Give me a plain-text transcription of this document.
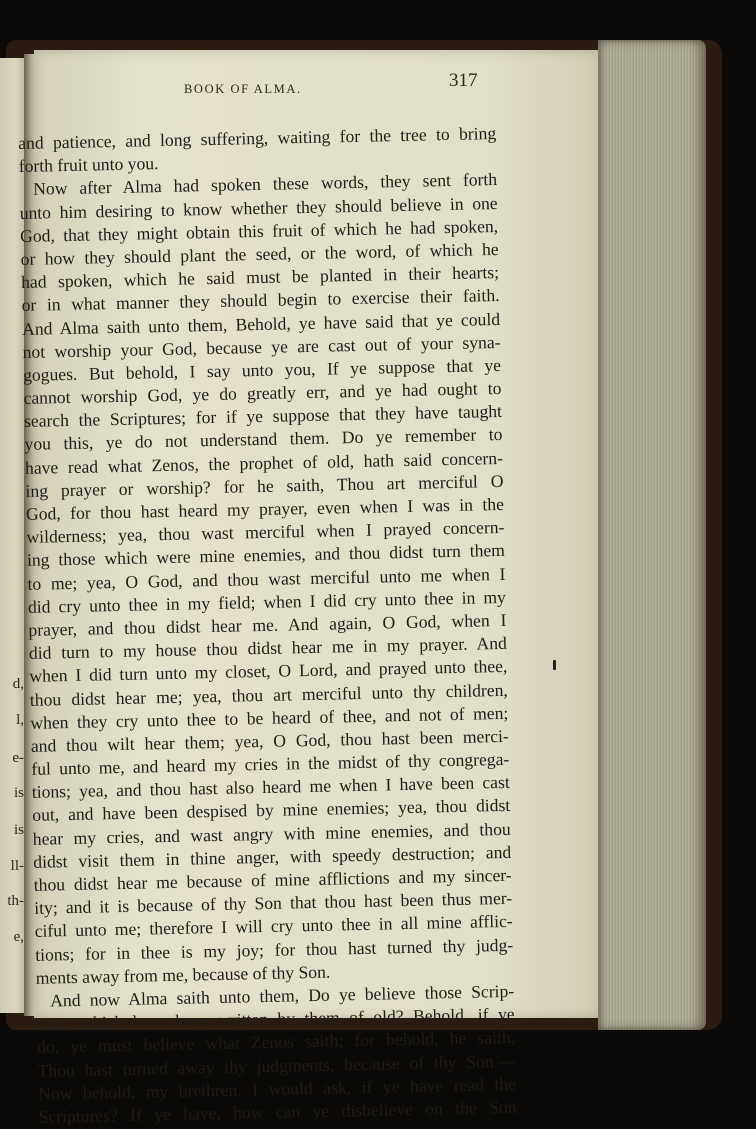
e-
is
is
ll-
th-
e,
l,
d,
BOOK OF ALMA.	317
and patience, and long suffering, waiting for the tree to bring
forth fruit unto you.
Now after Alma had spoken these words, they sent forth
unto him desiring to know whether they should believe in one
God, that they might obtain this fruit of which he had spoken,
or how they should plant the seed, or the word, of which he
had spoken, which he said must be planted in their hearts;
or in what manner they should begin to exercise their faith.
And Alma saith unto them, Behold, ye have said that ye could
not worship your God, because ye are cast out of your syna-
gogues. But behold, I say unto you, If ye suppose that ye
cannot worship God, ye do greatly err, and ye had ought to
search the Scriptures; for if ye suppose that they have taught
you this, ye do not understand them. Do ye remember to
have read what Zenos, the prophet of old, hath said concern-
ing prayer or worship? for he saith, Thou art merciful O
God, for thou hast heard my prayer, even when I was in the
wilderness; yea, thou wast merciful when I prayed concern-
ing those which were mine enemies, and thou didst turn them
to me; yea, O God, and thou wast merciful unto me when I
did cry unto thee in my field; when I did cry unto thee in my
prayer, and thou didst hear me. And again, O God, when I
did turn to my house thou didst hear me in my prayer. And
when I did turn unto my closet, O Lord, and prayed unto thee,
thou didst hear me; yea, thou art merciful unto thy children,
when they cry unto thee to be heard of thee, and not of men;
and thou wilt hear them; yea, O God, thou hast been merci-
ful unto me, and heard my cries in the midst of thy congrega-
tions; yea, and thou hast also heard me when I have been cast
out, and have been despised by mine enemies; yea, thou didst
hear my cries, and wast angry with mine enemies, and thou
didst visit them in thine anger, with speedy destruction; and
thou didst hear me because of mine afflictions and my sincer-
ity; and it is because of thy Son that thou hast been thus mer-
ciful unto me; therefore I will cry unto thee in all mine afflic-
tions; for in thee is my joy; for thou hast turned thy judg-
ments away from me, because of thy Son.
And now Alma saith unto them, Do ye believe those Scrip-
tures which have been written by them of old? Behold, if ye
do, ye must believe what Zenos saith; for behold, he saith,
Thou hast turned away thy judgments, because of thy Son.—
Now behold, my brethren, I would ask, if ye have read the
Scriptures? If ye have, how can ye disbelieve on the Son
